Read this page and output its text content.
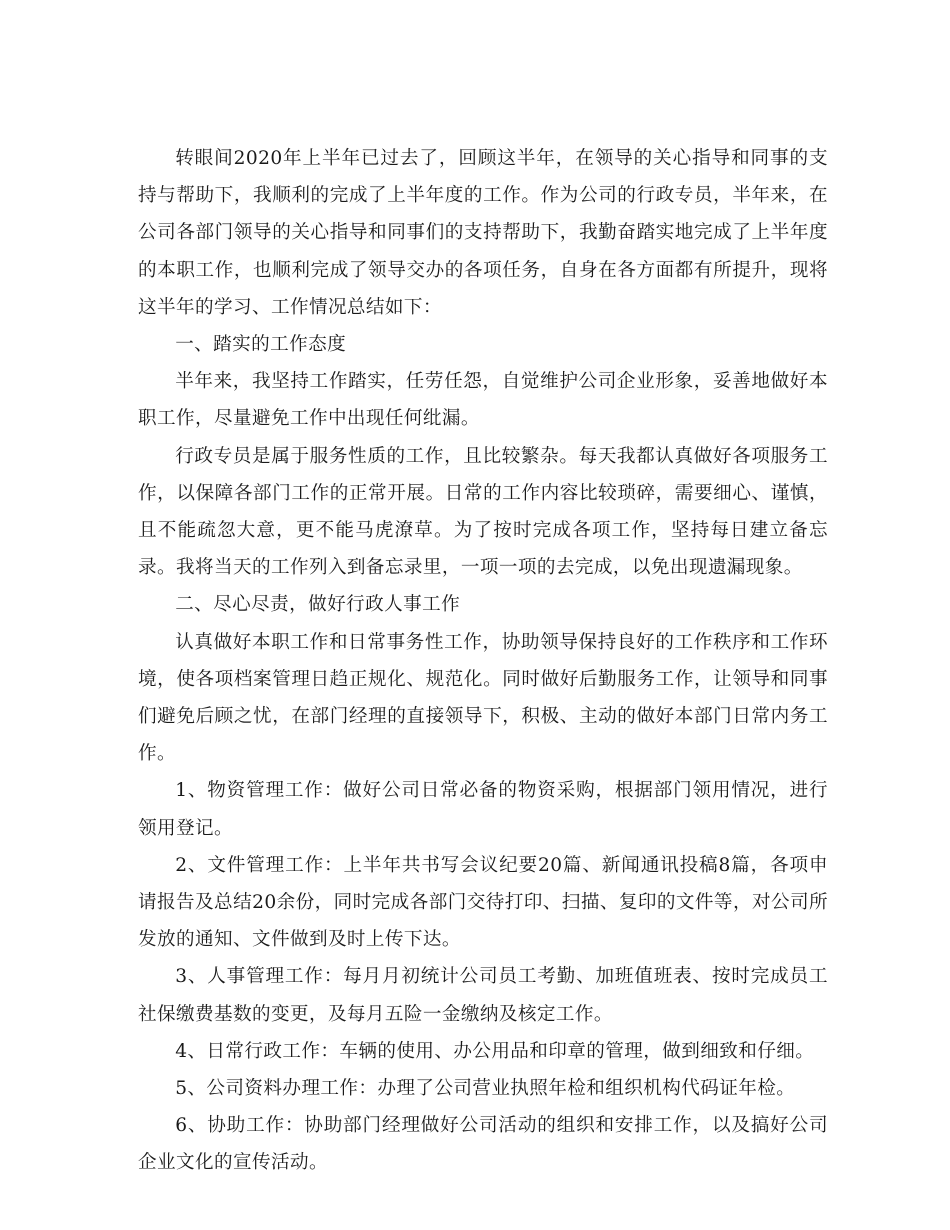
转眼间2020年上半年已过去了，回顾这半年，在领导的关心指导和同事的支持与帮助下，我顺利的完成了上半年度的工作。作为公司的行政专员，半年来，在公司各部门领导的关心指导和同事们的支持帮助下，我勤奋踏实地完成了上半年度的本职工作，也顺利完成了领导交办的各项任务，自身在各方面都有所提升，现将这半年的学习、工作情况总结如下：

一、踏实的工作态度

半年来，我坚持工作踏实，任劳任怨，自觉维护公司企业形象，妥善地做好本职工作，尽量避免工作中出现任何纰漏。

行政专员是属于服务性质的工作，且比较繁杂。每天我都认真做好各项服务工作，以保障各部门工作的正常开展。日常的工作内容比较琐碎，需要细心、谨慎，且不能疏忽大意，更不能马虎潦草。为了按时完成各项工作，坚持每日建立备忘录。我将当天的工作列入到备忘录里，一项一项的去完成，以免出现遗漏现象。

二、尽心尽责，做好行政人事工作

认真做好本职工作和日常事务性工作，协助领导保持良好的工作秩序和工作环境，使各项档案管理日趋正规化、规范化。同时做好后勤服务工作，让领导和同事们避免后顾之忧，在部门经理的直接领导下，积极、主动的做好本部门日常内务工作。

1、物资管理工作：做好公司日常必备的物资采购，根据部门领用情况，进行领用登记。

2、文件管理工作：上半年共书写会议纪要20篇、新闻通讯投稿8篇，各项申请报告及总结20余份，同时完成各部门交待打印、扫描、复印的文件等，对公司所发放的通知、文件做到及时上传下达。

3、人事管理工作：每月月初统计公司员工考勤、加班值班表、按时完成员工社保缴费基数的变更，及每月五险一金缴纳及核定工作。

4、日常行政工作：车辆的使用、办公用品和印章的管理，做到细致和仔细。

5、公司资料办理工作：办理了公司营业执照年检和组织机构代码证年检。

6、协助工作：协助部门经理做好公司活动的组织和安排工作，以及搞好公司企业文化的宣传活动。
